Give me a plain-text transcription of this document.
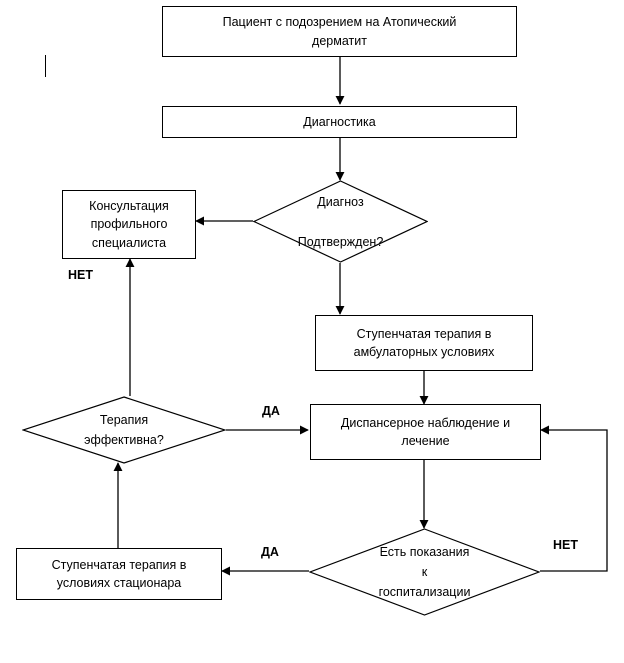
Пациент с подозрением на Атопический
дерматит
Диагностика
Диагноз

Подтвержден?
Консультация
профильного
специалиста
НЕТ
Ступенчатая терапия в
амбулаторных условиях
Диспансерное наблюдение и
лечение
Терапия
эффективна?
ДА
Есть показания
к
госпитализации
ДА	НЕТ
Ступенчатая терапия в
условиях стационара
